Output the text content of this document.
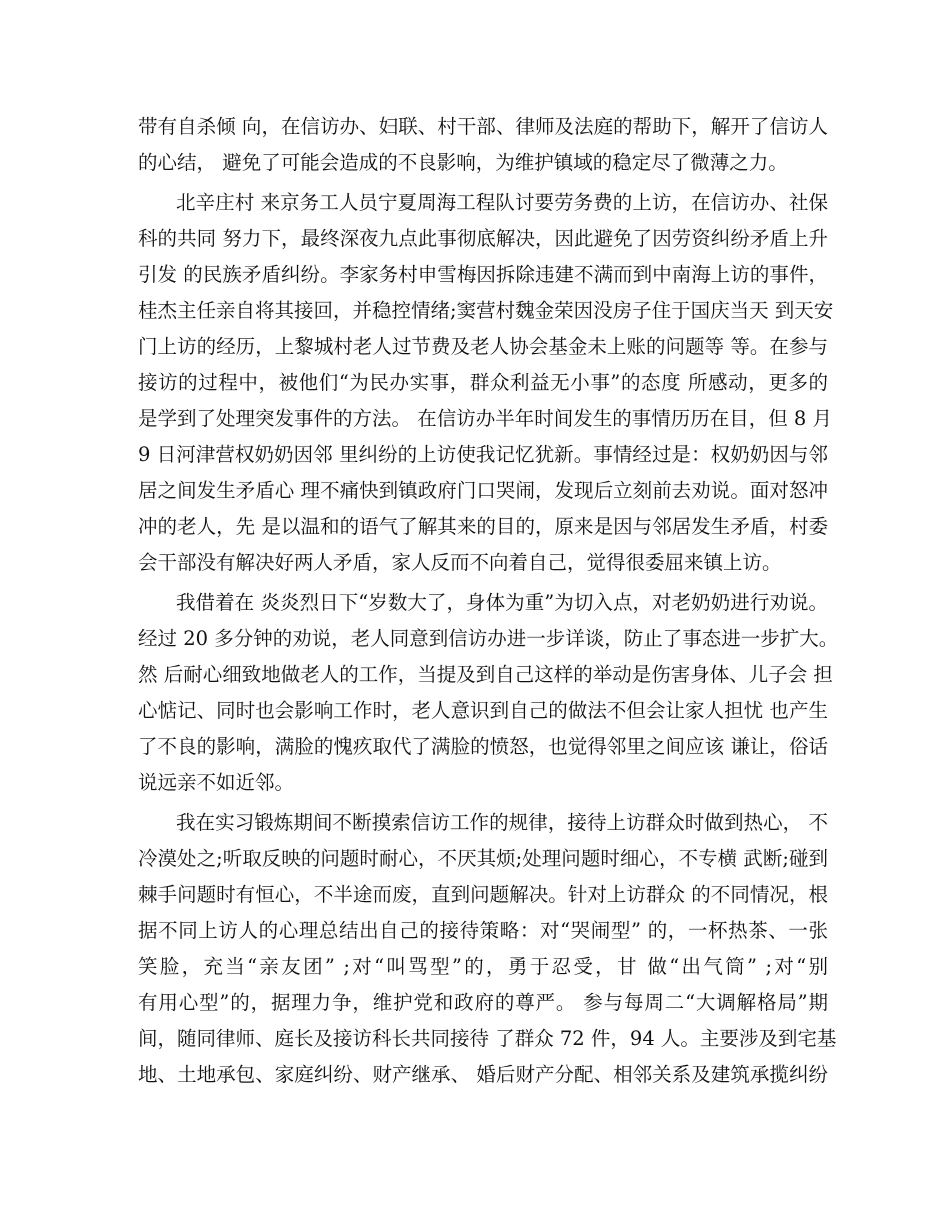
带有自杀倾 向，在信访办、妇联、村干部、律师及法庭的帮助下，解开了信访人
的心结， 避免了可能会造成的不良影响，为维护镇域的稳定尽了微薄之力。
北辛庄村 来京务工人员宁夏周海工程队讨要劳务费的上访，在信访办、社保
科的共同 努力下，最终深夜九点此事彻底解决，因此避免了因劳资纠纷矛盾上升
引发 的民族矛盾纠纷。李家务村申雪梅因拆除违建不满而到中南海上访的事件，
桂杰主任亲自将其接回，并稳控情绪;窦营村魏金荣因没房子住于国庆当天 到天安
门上访的经历，上黎城村老人过节费及老人协会基金未上账的问题等 等。在参与
接访的过程中，被他们“为民办实事，群众利益无小事”的态度 所感动，更多的
是学到了处理突发事件的方法。 在信访办半年时间发生的事情历历在目，但 8 月
9 日河津营权奶奶因邻 里纠纷的上访使我记忆犹新。事情经过是：权奶奶因与邻
居之间发生矛盾心 理不痛快到镇政府门口哭闹，发现后立刻前去劝说。面对怒冲
冲的老人，先 是以温和的语气了解其来的目的，原来是因与邻居发生矛盾，村委
会干部没有解决好两人矛盾，家人反而不向着自己，觉得很委屈来镇上访。
我借着在 炎炎烈日下“岁数大了，身体为重”为切入点，对老奶奶进行劝说。
经过 20 多分钟的劝说，老人同意到信访办进一步详谈，防止了事态进一步扩大。
然 后耐心细致地做老人的工作，当提及到自己这样的举动是伤害身体、儿子会 担
心惦记、同时也会影响工作时，老人意识到自己的做法不但会让家人担忧 也产生
了不良的影响，满脸的愧疚取代了满脸的愤怒，也觉得邻里之间应该 谦让，俗话
说远亲不如近邻。
我在实习锻炼期间不断摸索信访工作的规律，接待上访群众时做到热心， 不
冷漠处之;听取反映的问题时耐心，不厌其烦;处理问题时细心，不专横 武断;碰到
棘手问题时有恒心，不半途而废，直到问题解决。针对上访群众 的不同情况，根
据不同上访人的心理总结出自己的接待策略：对“哭闹型” 的，一杯热茶、一张
笑脸，充当“亲友团” ;对“叫骂型”的，勇于忍受，甘 做“出气筒” ;对“别
有用心型”的，据理力争，维护党和政府的尊严。 参与每周二“大调解格局”期
间，随同律师、庭长及接访科长共同接待 了群众 72 件，94 人。主要涉及到宅基
地、土地承包、家庭纠纷、财产继承、 婚后财产分配、相邻关系及建筑承揽纠纷
